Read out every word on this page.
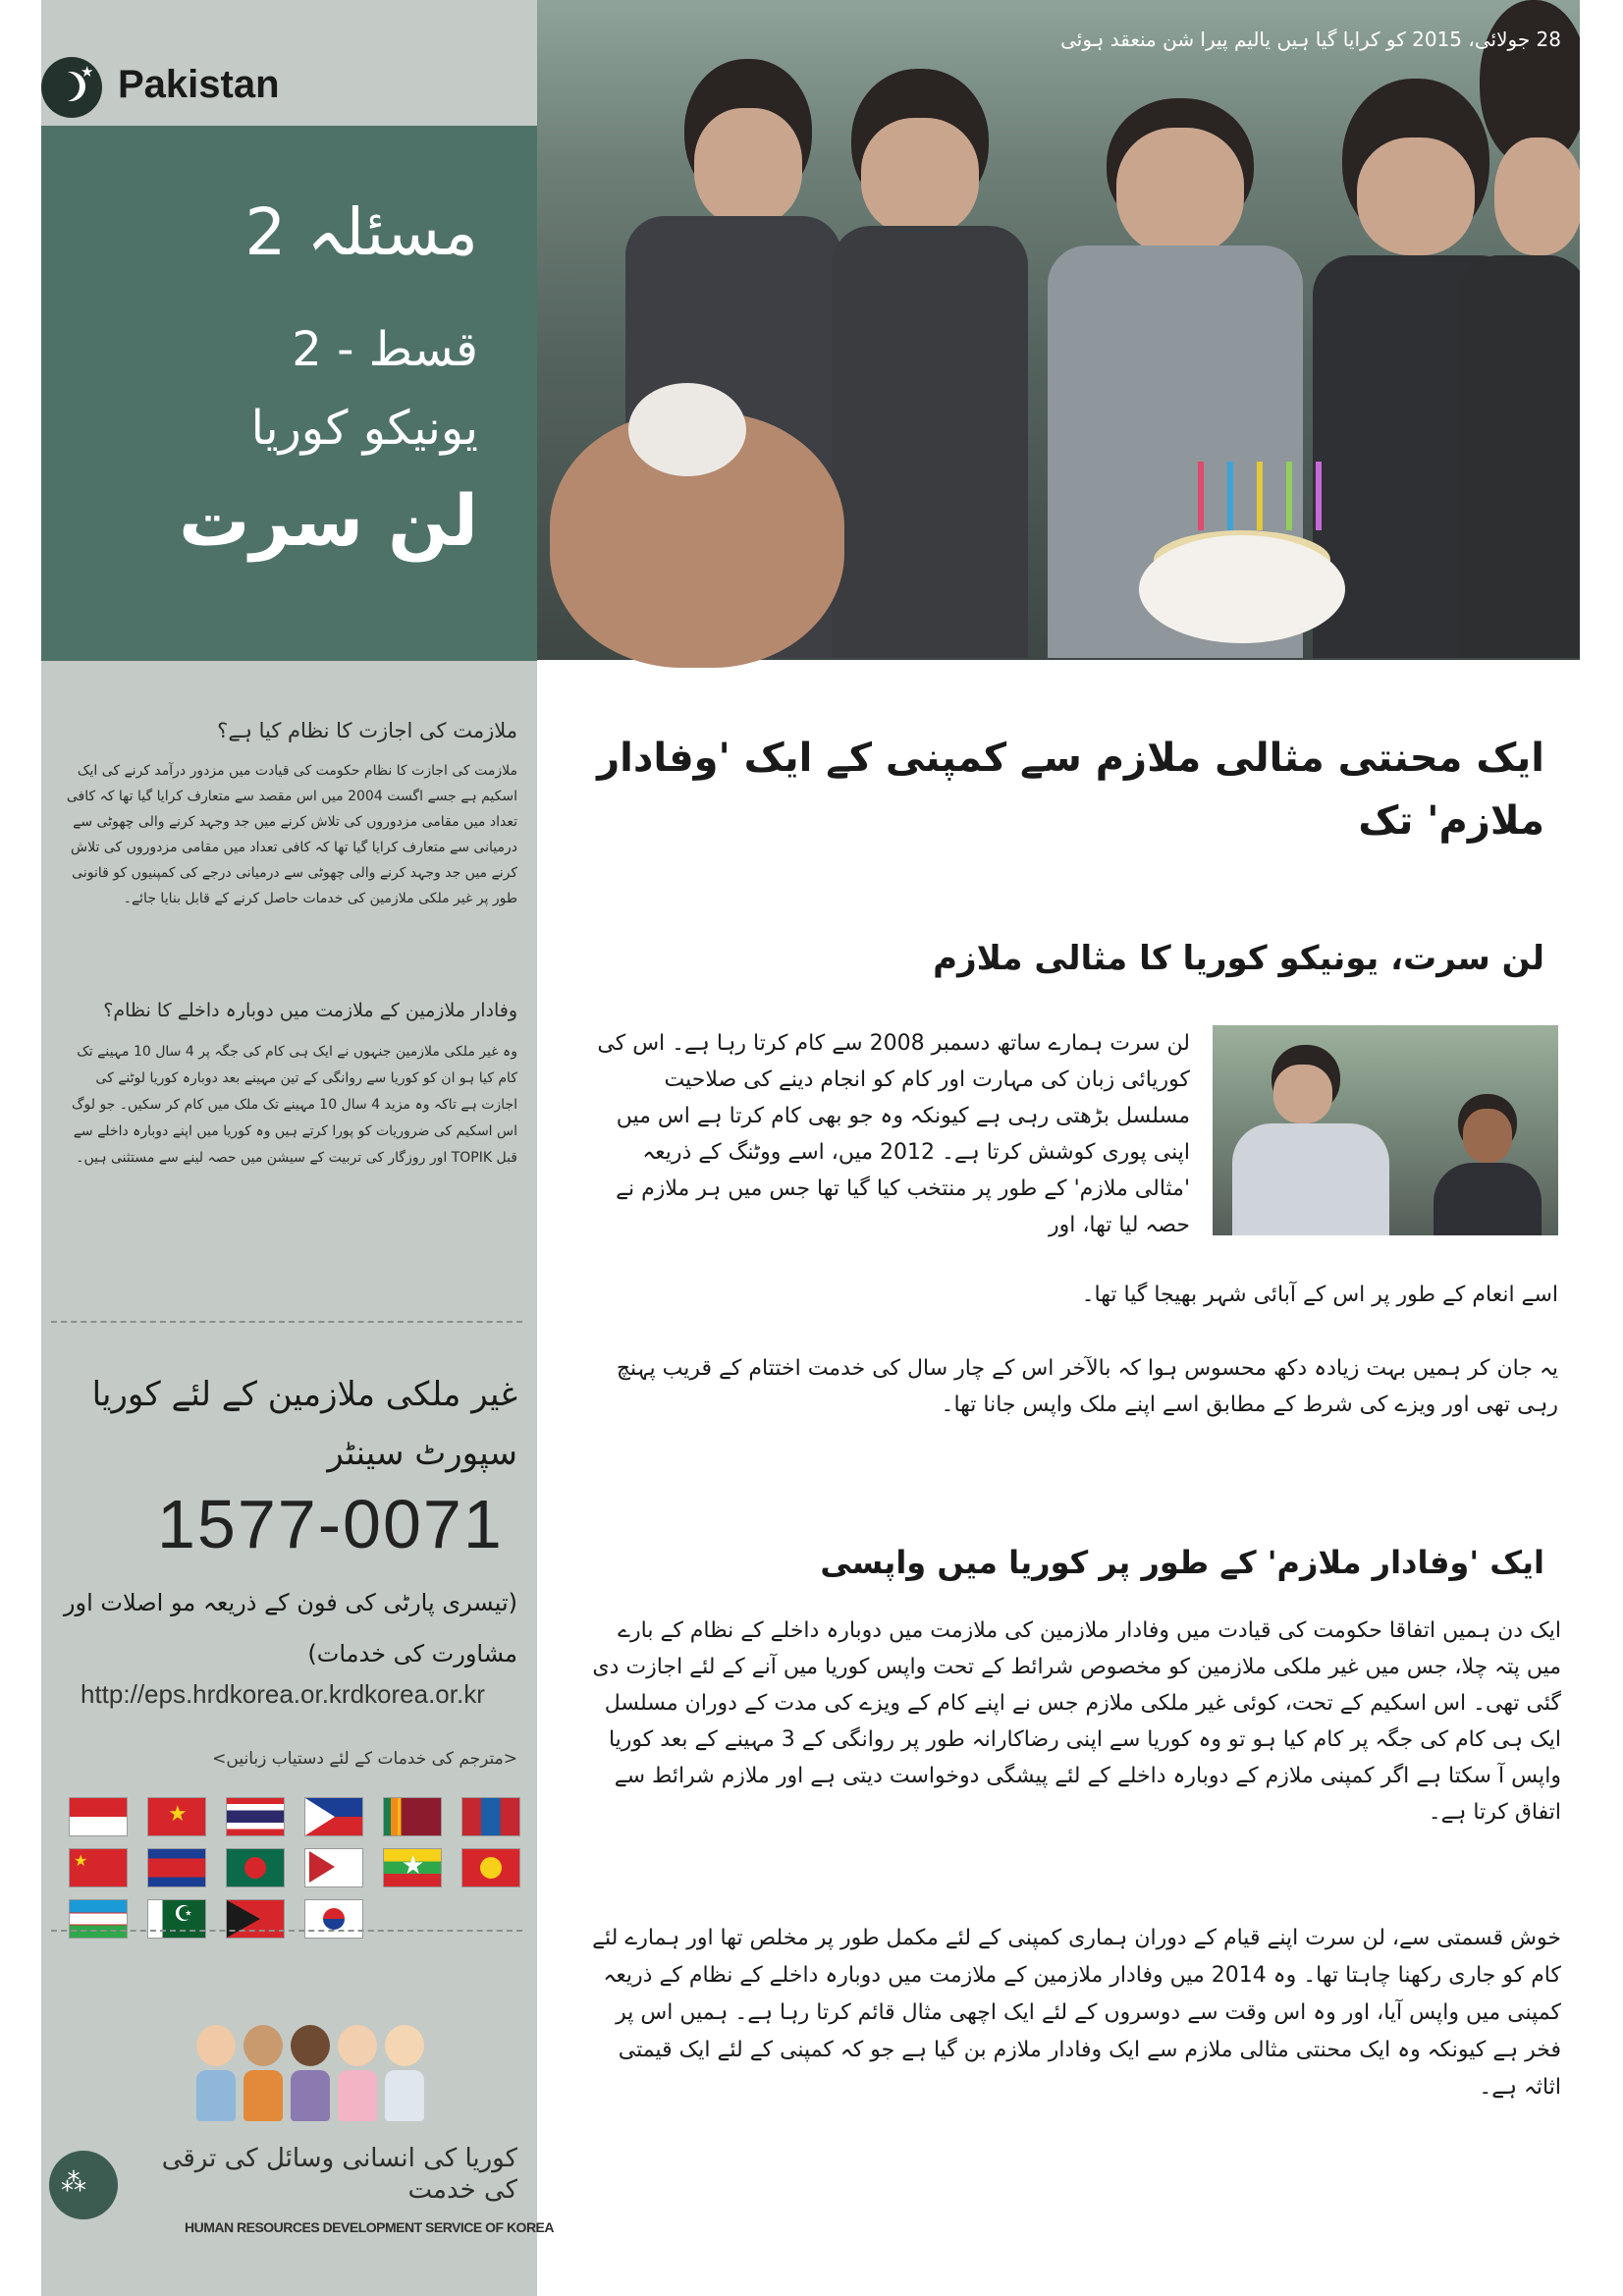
★ Pakistan
مسئلہ 2
قسط - 2
یونیکو کوریا
لن سرت
ملازمت کی اجازت کا نظام کیا ہے؟
ملازمت کی اجازت کا نظام حکومت کی قیادت میں مزدور درآمد کرنے کی ایک اسکیم ہے جسے اگست 2004 میں اس مقصد سے متعارف کرایا گیا تھا کہ کافی تعداد میں مقامی مزدوروں کی تلاش کرنے میں جد وجہد کرنے والی چھوٹی سے درمیانی سے متعارف کرایا گیا تھا کہ کافی تعداد میں مقامی مزدوروں کی تلاش کرنے میں جد وجہد کرنے والی چھوٹی سے درمیانی درجے کی کمپنیوں کو قانونی طور پر غیر ملکی ملازمین کی خدمات حاصل کرنے کے قابل بنایا جائے۔
وفادار ملازمین کے ملازمت میں دوبارہ داخلے کا نظام؟
وہ غیر ملکی ملازمین جنہوں نے ایک ہی کام کی جگہ پر 4 سال 10 مہینے تک کام کیا ہو ان کو کوریا سے روانگی کے تین مہینے بعد دوبارہ کوریا لوٹنے کی اجازت ہے تاکہ وہ مزید 4 سال 10 مہینے تک ملک میں کام کر سکیں۔ جو لوگ اس اسکیم کی ضروریات کو پورا کرتے ہیں وہ کوریا میں اپنے دوبارہ داخلے سے قبل TOPIK اور روزگار کی تربیت کے سیشن میں حصہ لینے سے مستثنی ہیں۔
غیر ملکی ملازمین کے لئے کوریا سپورٹ سینٹر
1577-0071
(تیسری پارٹی کی فون کے ذریعہ مو اصلات اور مشاورت کی خدمات)
http://eps.hrdkorea.or.krdkorea.or.kr
<مترجم کی خدمات کے لئے دستیاب زبانیں>
★
★	★
☪
⁂
کوریا کی انسانی وسائل کی ترقی کی خدمت
HUMAN RESOURCES DEVELOPMENT SERVICE OF KOREA
28 جولائی، 2015 کو کرایا گیا ہیں یالیم پیرا شن منعقد ہوئی
ایک محنتی مثالی ملازم سے کمپنی کے ایک 'وفادار ملازم' تک
لن سرت، یونیکو کوریا کا مثالی ملازم
لن سرت ہمارے ساتھ دسمبر 2008 سے کام کرتا رہا ہے۔ اس کی کوریائی زبان کی مہارت اور کام کو انجام دینے کی صلاحیت مسلسل بڑھتی رہی ہے کیونکہ وہ جو بھی کام کرتا ہے اس میں اپنی پوری کوشش کرتا ہے۔ 2012 میں، اسے ووٹنگ کے ذریعہ 'مثالی ملازم' کے طور پر منتخب کیا گیا تھا جس میں ہر ملازم نے حصہ لیا تھا، اور
اسے انعام کے طور پر اس کے آبائی شہر بھیجا گیا تھا۔
یہ جان کر ہمیں بہت زیادہ دکھ محسوس ہوا کہ بالآخر اس کے چار سال کی خدمت اختتام کے قریب پہنچ رہی تھی اور ویزے کی شرط کے مطابق اسے اپنے ملک واپس جانا تھا۔
ایک 'وفادار ملازم' کے طور پر کوریا میں واپسی
ایک دن ہمیں اتفاقا حکومت کی قیادت میں وفادار ملازمین کی ملازمت میں دوبارہ داخلے کے نظام کے بارے میں پتہ چلا، جس میں غیر ملکی ملازمین کو مخصوص شرائط کے تحت واپس کوریا میں آنے کے لئے اجازت دی گئی تھی۔ اس اسکیم کے تحت، کوئی غیر ملکی ملازم جس نے اپنے کام کے ویزے کی مدت کے دوران مسلسل ایک ہی کام کی جگہ پر کام کیا ہو تو وہ کوریا سے اپنی رضاکارانہ طور پر روانگی کے 3 مہینے کے بعد کوریا واپس آ سکتا ہے اگر کمپنی ملازم کے دوبارہ داخلے کے لئے پیشگی دوخواست دیتی ہے اور ملازم شرائط سے اتفاق کرتا ہے۔
خوش قسمتی سے، لن سرت اپنے قیام کے دوران ہماری کمپنی کے لئے مکمل طور پر مخلص تھا اور ہمارے لئے کام کو جاری رکھنا چاہتا تھا۔ وہ 2014 میں وفادار ملازمین کے ملازمت میں دوبارہ داخلے کے نظام کے ذریعہ کمپنی میں واپس آیا، اور وہ اس وقت سے دوسروں کے لئے ایک اچھی مثال قائم کرتا رہا ہے۔ ہمیں اس پر فخر ہے کیونکہ وہ ایک محنتی مثالی ملازم سے ایک وفادار ملازم بن گیا ہے جو کہ کمپنی کے لئے ایک قیمتی اثاثہ ہے۔
